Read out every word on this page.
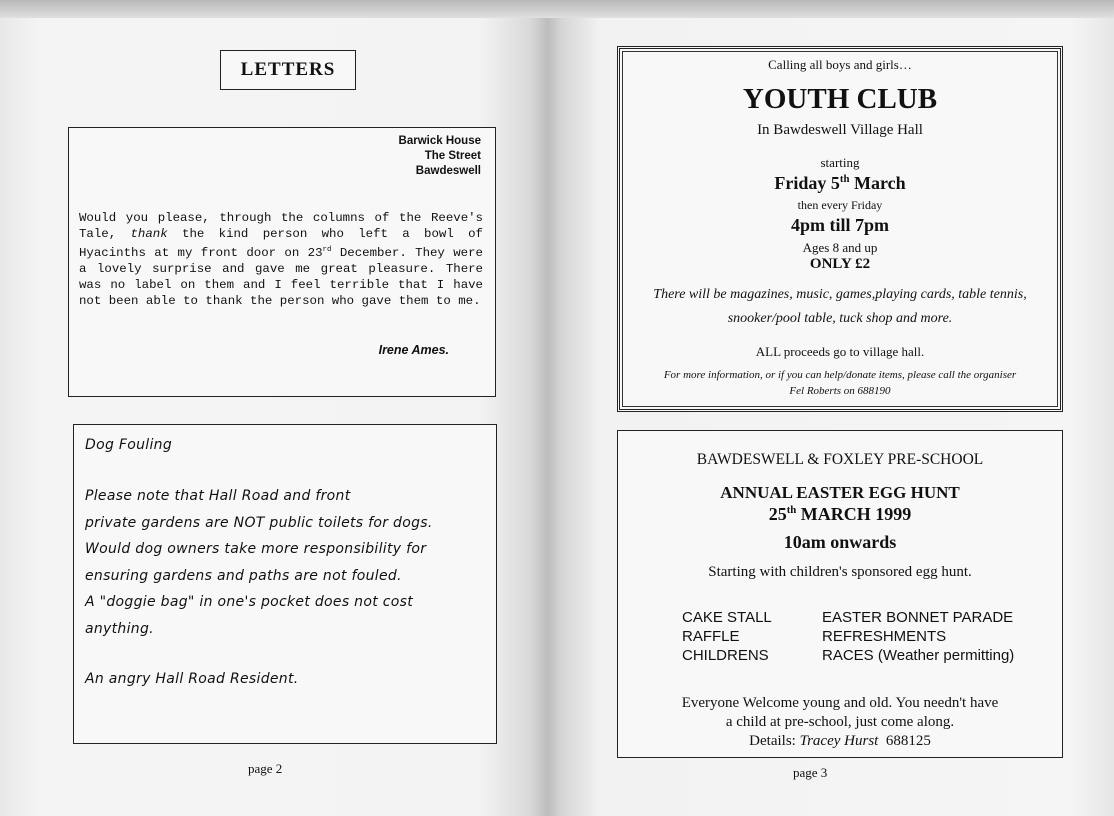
LETTERS
Barwick House
The Street
Bawdeswell
Would you please, through the columns of the Reeve's Tale, thank the kind person who left a bowl of Hyacinths at my front door on 23rd December. They were a lovely surprise and gave me great pleasure. There was no label on them and I feel terrible that I have not been able to thank the person who gave them to me.
Irene Ames.
Dog Fouling
Please note that Hall Road and front
private gardens are NOT public toilets for dogs.
Would dog owners take more responsibility for
ensuring gardens and paths are not fouled.
A "doggie bag" in one's pocket does not cost
anything.
An angry Hall Road Resident.
page 2
Calling all boys and girls…
YOUTH CLUB
In Bawdeswell Village Hall
starting
Friday 5th March
then every Friday
4pm till 7pm
Ages 8 and up
ONLY £2
There will be magazines, music, games,playing cards, table tennis,
snooker/pool table, tuck shop and more.
ALL proceeds go to village hall.
For more information, or if you can help/donate items, please call the organiser
Fel Roberts on 688190
BAWDESWELL & FOXLEY PRE-SCHOOL
ANNUAL EASTER EGG HUNT
25th MARCH 1999
10am onwards
Starting with children's sponsored egg hunt.
CAKE STALL	EASTER BONNET PARADE
RAFFLE	REFRESHMENTS
CHILDRENS	RACES (Weather permitting)
Everyone Welcome young and old. You needn't have
a child at pre-school, just come along.
Details: Tracey Hurst  688125
page 3
